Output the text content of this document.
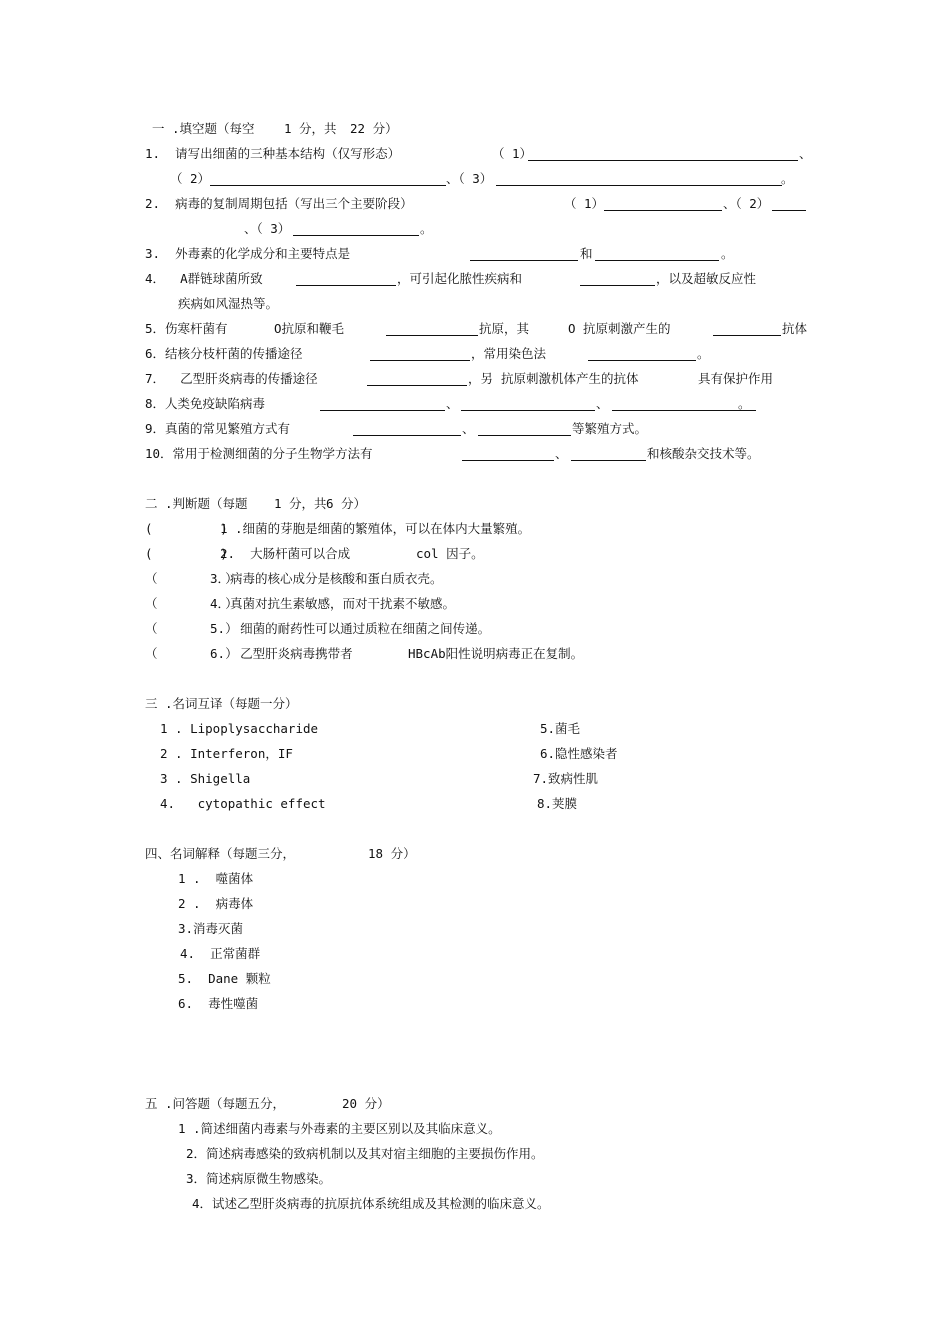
一 .填空题（每空 1 分，共 22 分）
1.  请写出细菌的三种基本结构（仅写形态）	（ 1）	、
（ 2）	、（ 3）	。
2.  病毒的复制周期包括（写出三个主要阶段）	（ 1）	、（ 2）
、（ 3）	。
3.  外毒素的化学成分和主要特点是	和	。
4．  A群链球菌所致	，可引起化脓性疾病和	，以及超敏反应性
疾病如风湿热等。
5．伤寒杆菌有	O抗原和鞭毛	抗原，其	O 抗原刺激产生的	抗体
6．结核分枝杆菌的传播途径	，常用染色法	。
7．  乙型肝炎病毒的传播途径	，另
抗原刺激机体产生的抗体	具有保护作用
8．人类免疫缺陷病毒	、	、	。
9．真菌的常见繁殖方式有	、	等繁殖方式。
10．常用于检测细菌的分子生物学方法有	、	和核酸杂交技术等。
二 .判断题（每题 1 分，共 6 分）
(         )
1 .细菌的芽胞是细菌的繁殖体，可以在体内大量繁殖。
(         )
2.  大肠杆菌可以合成	col 因子。
（         ）
3．病毒的核心成分是核酸和蛋白质衣壳。
（         ）
4．真菌对抗生素敏感，而对干扰素不敏感。
（         ）
5.  细菌的耐药性可以通过质粒在细菌之间传递。
（         ）
6.  乙型肝炎病毒携带者	HBcAb阳性说明病毒正在复制。
三 .名词互译（每题一分）
1 . Lipoplysaccharide
2 . Interferon，IF
3 . Shigella
4.   cytopathic effect
5.菌毛
6.隐性感染者
7.致病性肌
8.荚膜
四、名词解释（每题三分，	18 分）
1 .  噬菌体
2 .  病毒体
3.消毒灭菌
4.  正常菌群
5.  Dane 颗粒
6.  毒性噬菌
五 .问答题（每题五分，	20 分）
1 .简述细菌内毒素与外毒素的主要区别以及其临床意义。
2．简述病毒感染的致病机制以及其对宿主细胞的主要损伤作用。
3．简述病原微生物感染。
4．试述乙型肝炎病毒的抗原抗体系统组成及其检测的临床意义。
